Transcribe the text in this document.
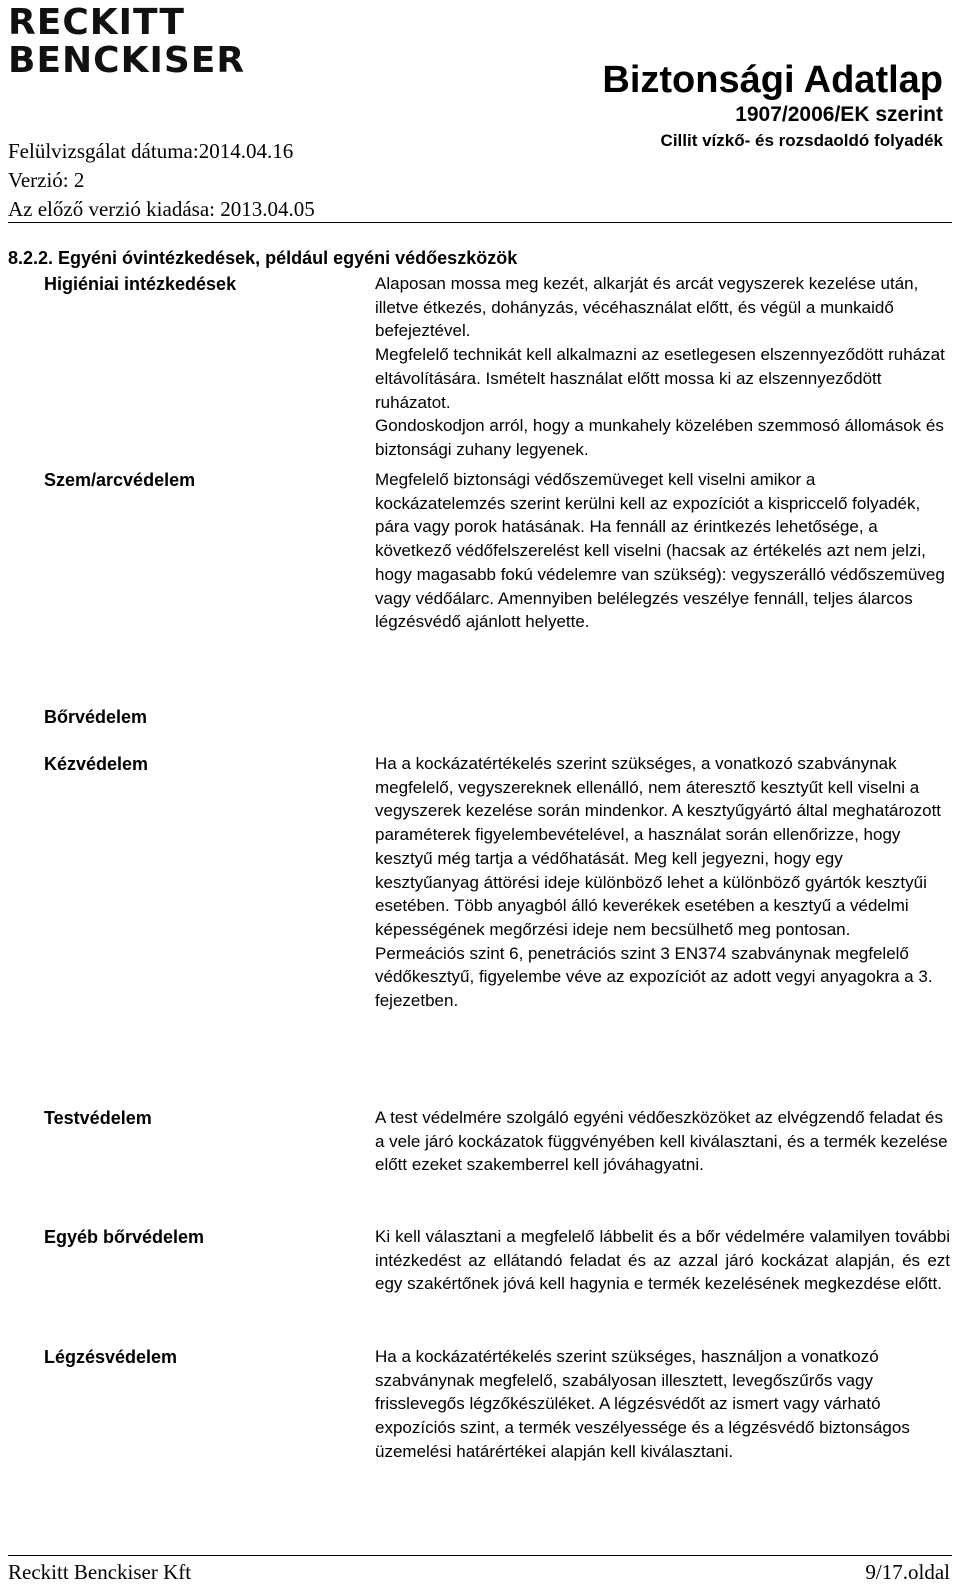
RECKITT
BENCKISER
Felülvizsgálat dátuma:2014.04.16
Verzió: 2
Az előző verzió kiadása: 2013.04.05
Biztonsági Adatlap
1907/2006/EK szerint
Cillit vízkő- és rozsdaoldó folyadék
8.2.2. Egyéni óvintézkedések, például egyéni védőeszközök
Higiéniai intézkedések	Alaposan mossa meg kezét, alkarját és arcát vegyszerek kezelése után, illetve étkezés, dohányzás, vécéhasználat előtt, és végül a munkaidő befejeztével.

Megfelelő technikát kell alkalmazni az esetlegesen elszennyeződött ruházat eltávolítására. Ismételt használat előtt mossa ki az elszennyeződött ruházatot.

Gondoskodjon arról, hogy a munkahely közelében szemmosó állomások és biztonsági zuhany legyenek.

Szem/arcvédelem	Megfelelő biztonsági védőszemüveget kell viselni amikor a kockázatelemzés szerint kerülni kell az expozíciót a kispriccelő folyadék, pára vagy porok hatásának. Ha fennáll az érintkezés lehetősége, a következő védőfelszerelést kell viselni (hacsak az értékelés azt nem jelzi, hogy magasabb fokú védelemre van szükség): vegyszerálló védőszemüveg vagy védőálarc. Amennyiben belélegzés veszélye fennáll, teljes álarcos légzésvédő ajánlott helyette.

Bőrvédelem
Kézvédelem	Ha a kockázatértékelés szerint szükséges, a vonatkozó szabványnak megfelelő, vegyszereknek ellenálló, nem áteresztő kesztyűt kell viselni a vegyszerek kezelése során mindenkor. A kesztyűgyártó által meghatározott paraméterek figyelembevételével, a használat során ellenőrizze, hogy kesztyű még tartja a védőhatását. Meg kell jegyezni, hogy egy kesztyűanyag áttörési ideje különböző lehet a különböző gyártók kesztyűi esetében. Több anyagból álló keverékek esetében a kesztyű a védelmi képességének megőrzési ideje nem becsülhető meg pontosan.

Permeációs szint 6, penetrációs szint 3 EN374 szabványnak megfelelő védőkesztyű, figyelembe véve az expozíciót az adott vegyi anyagokra a 3. fejezetben.

Testvédelem	A test védelmére szolgáló egyéni védőeszközöket az elvégzendő feladat és a vele járó kockázatok függvényében kell kiválasztani, és a termék kezelése előtt ezeket szakemberrel kell jóváhagyatni.

Egyéb bőrvédelem	Ki kell választani a megfelelő lábbelit és a bőr védelmére valamilyen további intézkedést az ellátandó feladat és az azzal járó kockázat alapján, és ezt egy szakértőnek jóvá kell hagynia e termék kezelésének megkezdése előtt.

Légzésvédelem	Ha a kockázatértékelés szerint szükséges, használjon a vonatkozó szabványnak megfelelő, szabályosan illesztett, levegőszűrős vagy frisslevegős légzőkészüléket. A légzésvédőt az ismert vagy várható expozíciós szint, a termék veszélyessége és a légzésvédő biztonságos üzemelési határértékei alapján kell kiválasztani.

Reckitt Benckiser Kft	9/17.oldal
